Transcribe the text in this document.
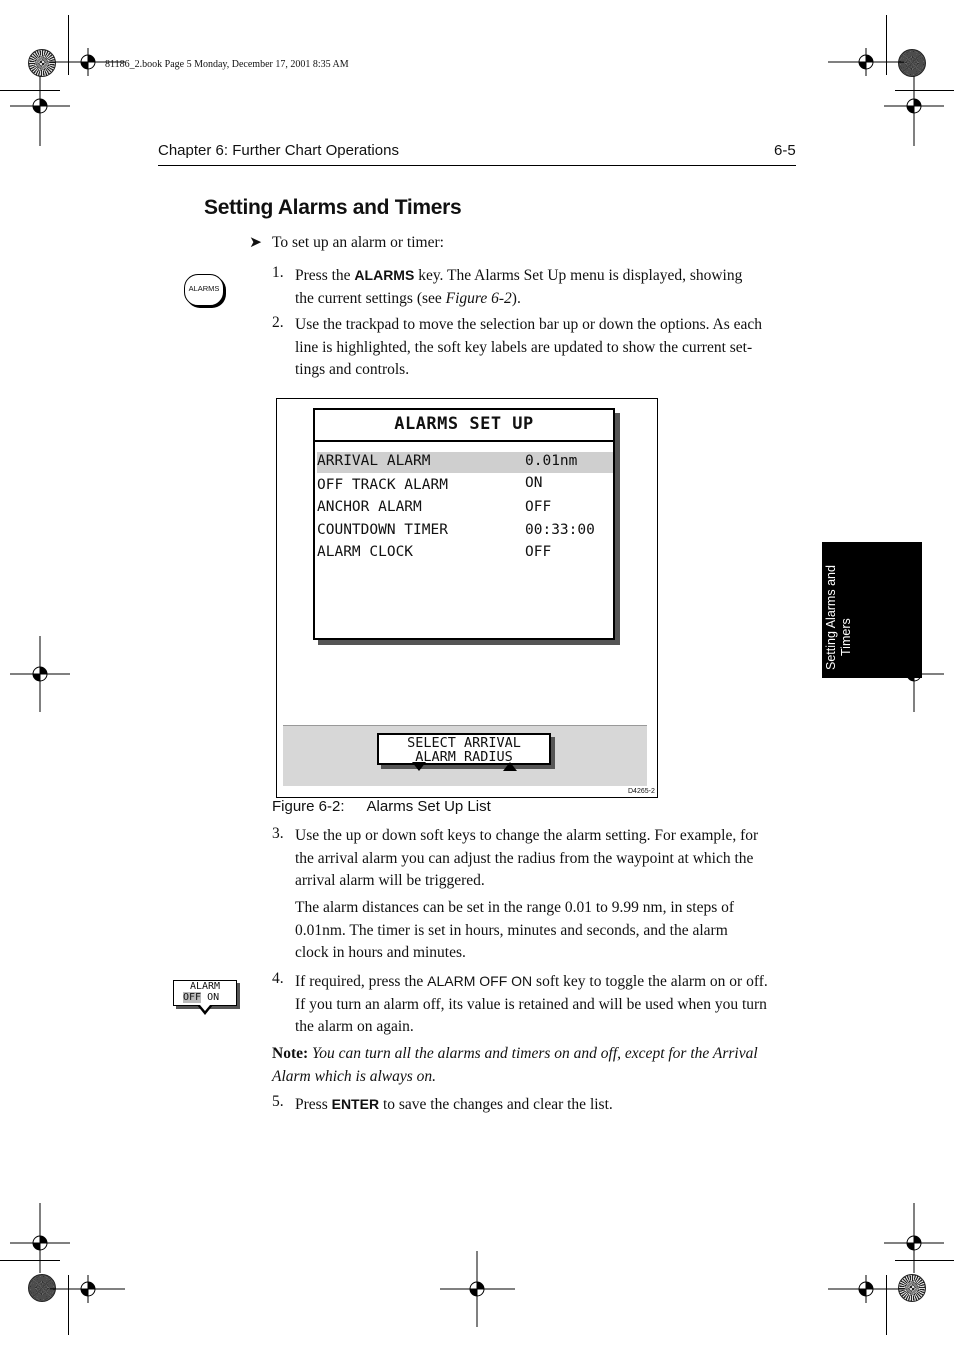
81186_2.book Page 5 Monday, December 17, 2001 8:35 AM
Chapter 6: Further Chart Operations	6-5
Setting Alarms and Timers
Setting Alarms and Timers
➤ To set up an alarm or timer:
ALARMS
1. Press the ALARMS key. The Alarms Set Up menu is displayed, showing
the current settings (see Figure 6-2).
2. Use the trackpad to move the selection bar up or down the options. As each
line is highlighted, the soft key labels are updated to show the current set-
tings and controls.
ALARMS SET UP
ARRIVAL ALARM	0.01nm
OFF TRACK ALARM	ON
ANCHOR ALARM	OFF
COUNTDOWN TIMER	00:33:00
ALARM CLOCK	OFF
SELECT ARRIVAL
ALARM RADIUS
D4265-2
Figure 6-2: Alarms Set Up List
3. Use the up or down soft keys to change the alarm setting. For example, for
the arrival alarm you can adjust the radius from the waypoint at which the
arrival alarm will be triggered.
The alarm distances can be set in the range 0.01 to 9.99 nm, in steps of
0.01nm. The timer is set in hours, minutes and seconds, and the alarm
clock in hours and minutes.
ALARM
OFF ON
4. If required, press the ALARM OFF ON soft key to toggle the alarm on or off.
If you turn an alarm off, its value is retained and will be used when you turn
the alarm on again.
Note: You can turn all the alarms and timers on and off, except for the Arrival
Alarm which is always on.
5. Press ENTER to save the changes and clear the list.
